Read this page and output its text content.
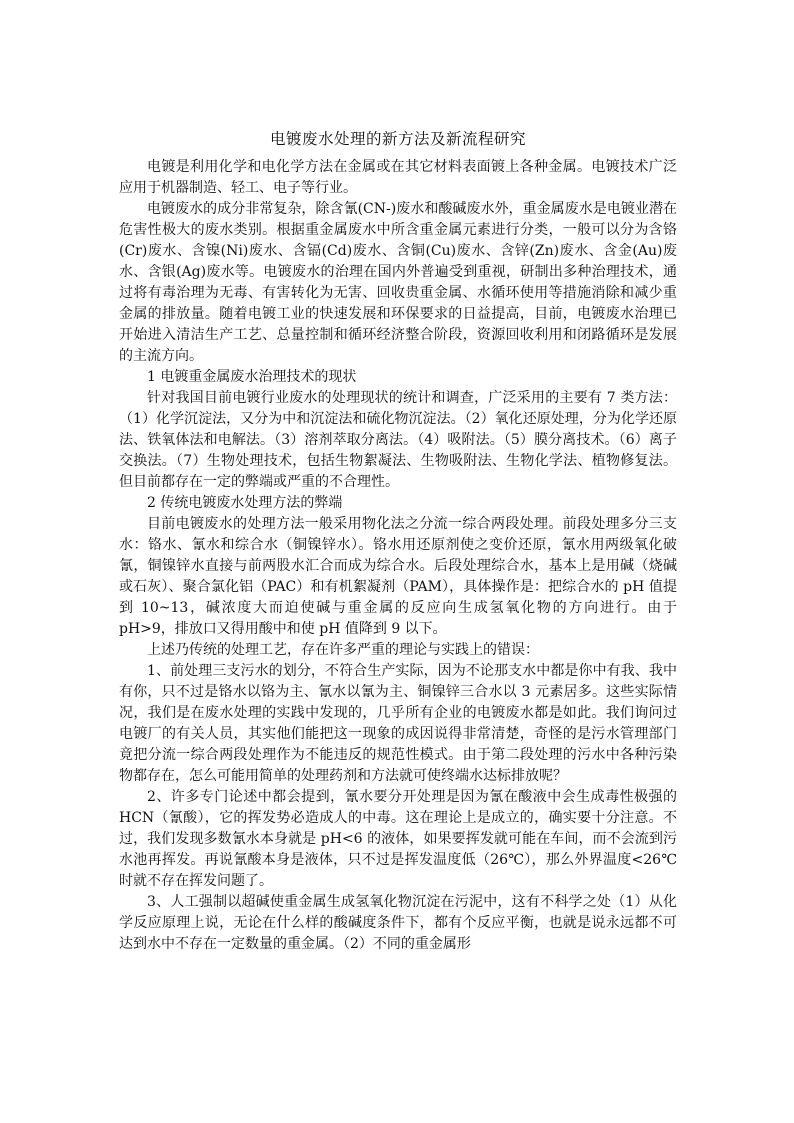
电镀废水处理的新方法及新流程研究

电镀是利用化学和电化学方法在金属或在其它材料表面镀上各种金属。电镀技术广泛应用于机器制造、轻工、电子等行业。

电镀废水的成分非常复杂，除含氰(CN-)废水和酸碱废水外，重金属废水是电镀业潜在危害性极大的废水类别。根据重金属废水中所含重金属元素进行分类，一般可以分为含铬(Cr)废水、含镍(Ni)废水、含镉(Cd)废水、含铜(Cu)废水、含锌(Zn)废水、含金(Au)废水、含银(Ag)废水等。电镀废水的治理在国内外普遍受到重视，研制出多种治理技术，通过将有毒治理为无毒、有害转化为无害、回收贵重金属、水循环使用等措施消除和减少重金属的排放量。随着电镀工业的快速发展和环保要求的日益提高，目前，电镀废水治理已开始进入清洁生产工艺、总量控制和循环经济整合阶段，资源回收利用和闭路循环是发展的主流方向。

1 电镀重金属废水治理技术的现状

针对我国目前电镀行业废水的处理现状的统计和调查，广泛采用的主要有 7 类方法：（1）化学沉淀法，又分为中和沉淀法和硫化物沉淀法。（2）氧化还原处理，分为化学还原法、铁氧体法和电解法。（3）溶剂萃取分离法。（4）吸附法。（5）膜分离技术。（6）离子交换法。（7）生物处理技术，包括生物絮凝法、生物吸附法、生物化学法、植物修复法。但目前都存在一定的弊端或严重的不合理性。

2 传统电镀废水处理方法的弊端

目前电镀废水的处理方法一般采用物化法之分流一综合两段处理。前段处理多分三支水：铬水、氰水和综合水（铜镍锌水）。铬水用还原剂使之变价还原，氰水用两级氧化破氰，铜镍锌水直接与前两股水汇合而成为综合水。后段处理综合水，基本上是用碱（烧碱或石灰）、聚合氯化铝（PAC）和有机絮凝剂（PAM），具体操作是：把综合水的 pH 值提到 10~13，碱浓度大而迫使碱与重金属的反应向生成氢氧化物的方向进行。由于 pH>9，排放口又得用酸中和使 pH 值降到 9 以下。

上述乃传统的处理工艺，存在许多严重的理论与实践上的错误：

1、前处理三支污水的划分，不符合生产实际，因为不论那支水中都是你中有我、我中有你，只不过是铬水以铬为主、氰水以氰为主、铜镍锌三合水以 3 元素居多。这些实际情况，我们是在废水处理的实践中发现的，几乎所有企业的电镀废水都是如此。我们询问过电镀厂的有关人员，其实他们能把这一现象的成因说得非常清楚，奇怪的是污水管理部门竟把分流一综合两段处理作为不能违反的规范性模式。由于第二段处理的污水中各种污染物都存在，怎么可能用简单的处理药剂和方法就可使终端水达标排放呢？

2、许多专门论述中都会提到，氰水要分开处理是因为氰在酸液中会生成毒性极强的 HCN（氰酸），它的挥发势必造成人的中毒。这在理论上是成立的，确实要十分注意。不过，我们发现多数氰水本身就是 pH<6 的液体，如果要挥发就可能在车间，而不会流到污水池再挥发。再说氰酸本身是液体，只不过是挥发温度低（26℃），那么外界温度<26℃时就不存在挥发问题了。

3、人工强制以超碱使重金属生成氢氧化物沉淀在污泥中，这有不科学之处（1）从化学反应原理上说，无论在什么样的酸碱度条件下，都有个反应平衡，也就是说永远都不可达到水中不存在一定数量的重金属。（2）不同的重金属形
